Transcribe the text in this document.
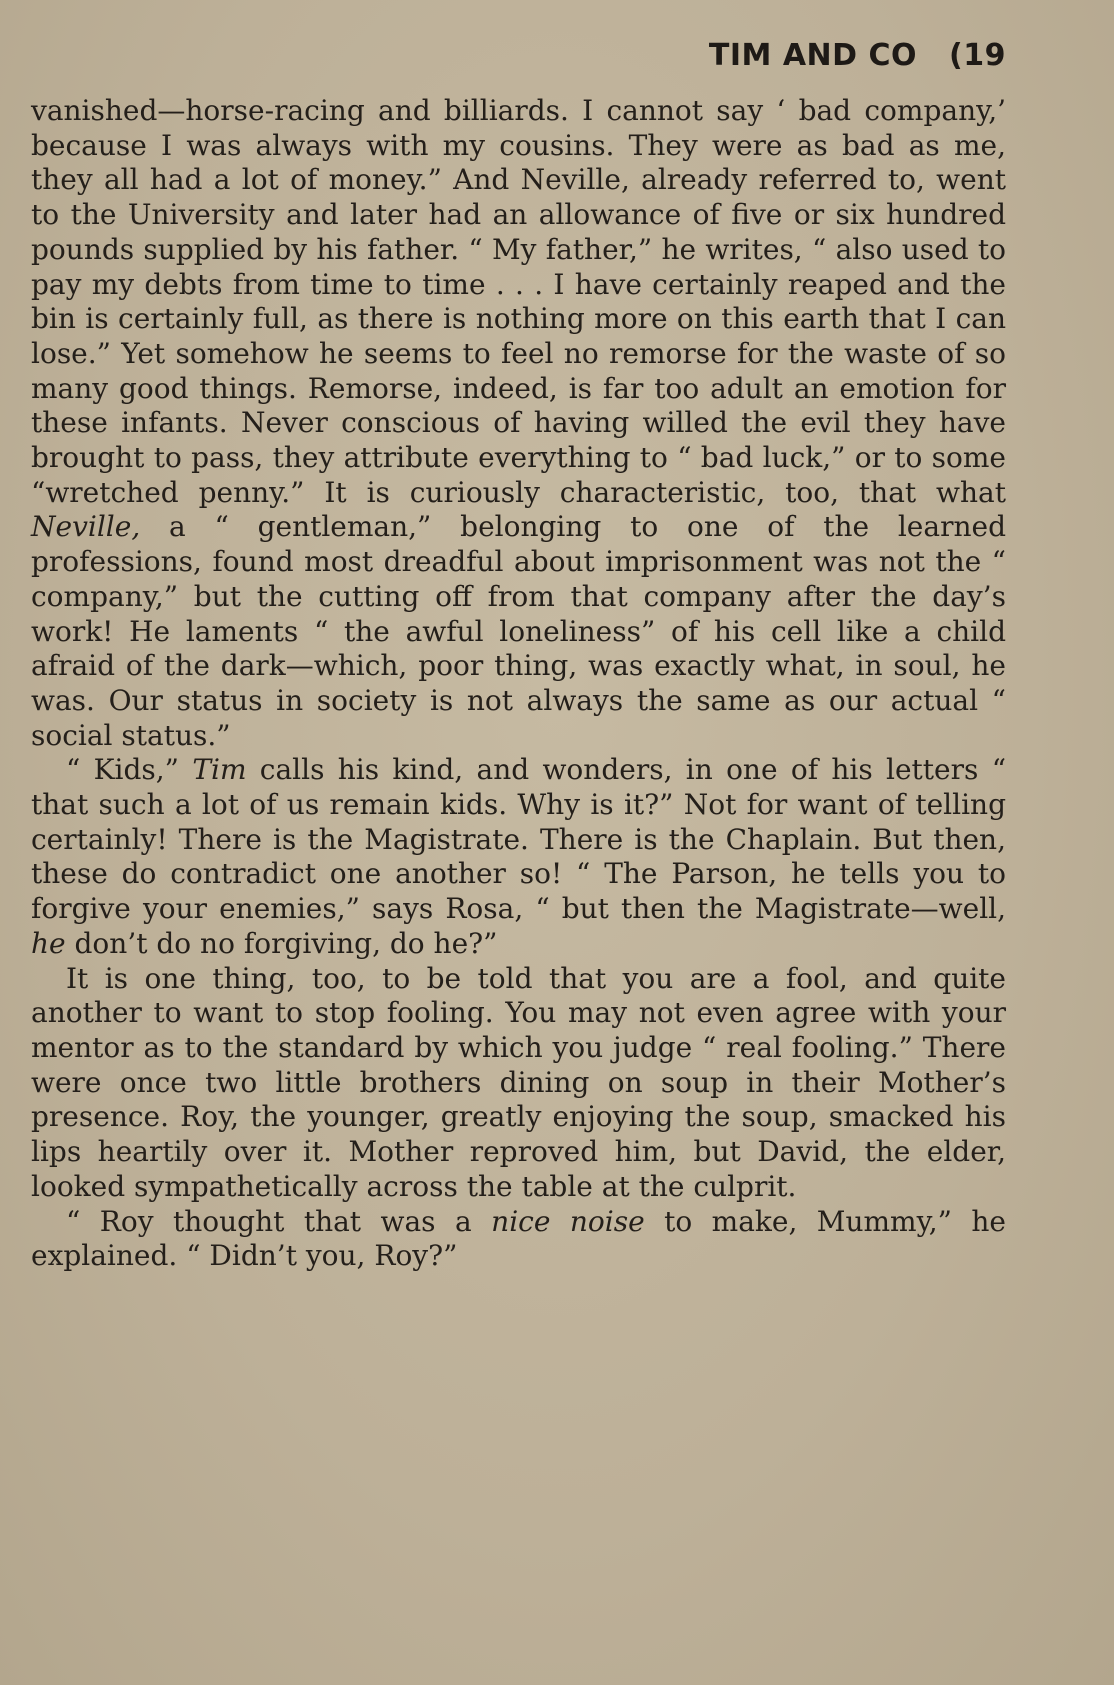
TIM AND CO (19

vanished—horse-racing and billiards. I cannot say ‘ bad company,’ because I was always with my cousins. They were as bad as me, they all had a lot of money.” And Neville, already referred to, went to the University and later had an allowance of five or six hundred pounds supplied by his father. “ My father,” he writes, “ also used to pay my debts from time to time . . . I have certainly reaped and the bin is certainly full, as there is nothing more on this earth that I can lose.” Yet somehow he seems to feel no remorse for the waste of so many good things. Remorse, indeed, is far too adult an emotion for these infants. Never conscious of having willed the evil they have brought to pass, they attribute everything to “ bad luck,” or to some “wretched penny.” It is curiously characteristic, too, that what Neville, a “ gentleman,” belonging to one of the learned professions, found most dreadful about imprisonment was not the “ company,” but the cutting off from that company after the day’s work! He laments “ the awful loneliness” of his cell like a child afraid of the dark—which, poor thing, was exactly what, in soul, he was. Our status in society is not always the same as our actual “ social status.”

“ Kids,” Tim calls his kind, and wonders, in one of his letters “ that such a lot of us remain kids. Why is it?” Not for want of telling certainly! There is the Magistrate. There is the Chaplain. But then, these do contradict one another so! “ The Parson, he tells you to forgive your enemies,” says Rosa, “ but then the Magistrate—well, he don’t do no forgiving, do he?”

It is one thing, too, to be told that you are a fool, and quite another to want to stop fooling. You may not even agree with your mentor as to the standard by which you judge “ real fooling.” There were once two little brothers dining on soup in their Mother’s presence. Roy, the younger, greatly enjoying the soup, smacked his lips heartily over it. Mother reproved him, but David, the elder, looked sympathetically across the table at the culprit.

“ Roy thought that was a nice noise to make, Mummy,” he explained. “ Didn’t you, Roy?”
